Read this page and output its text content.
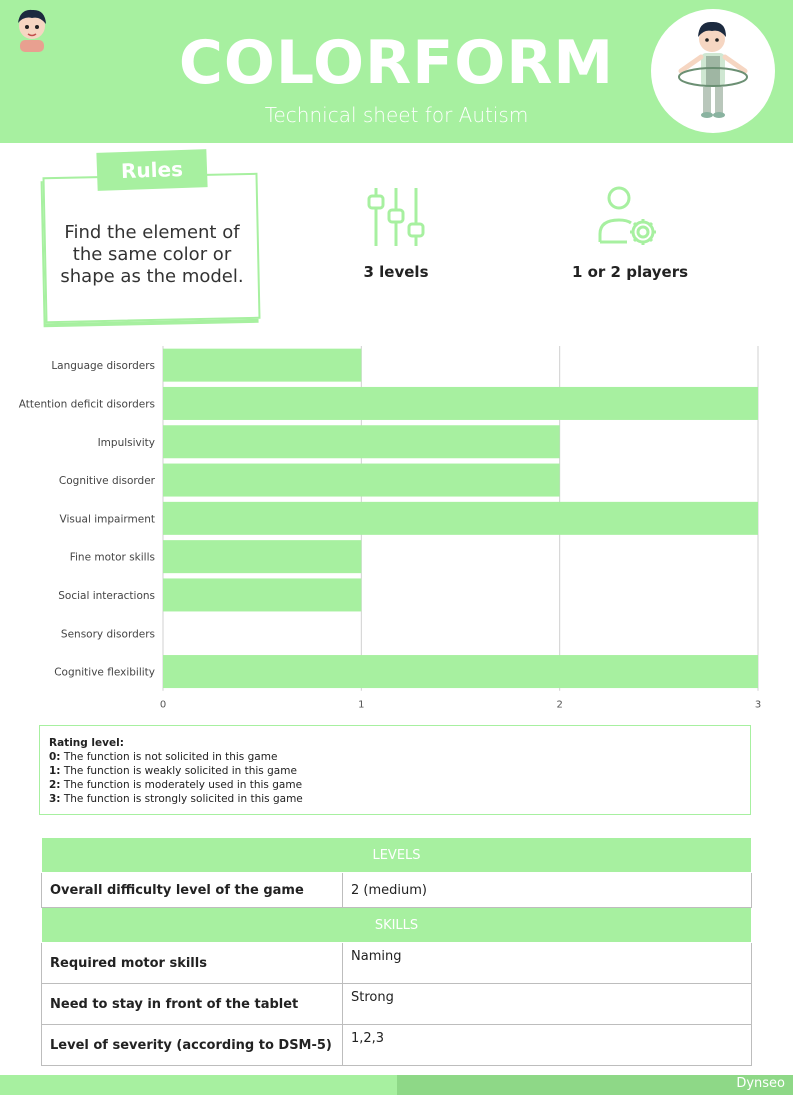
COLORFORM
Technical sheet for Autism
Rules
Find the element of the same color or shape as the model.	3 levels	1 or 2 players
0	1	2	3
Language disorders
Attention deficit disorders
Impulsivity
Cognitive disorder
Visual impairment
Fine motor skills
Social interactions
Sensory disorders
Cognitive flexibility
Rating level:
0: The function is not solicited in this game
1: The function is weakly solicited in this game
2: The function is moderately used in this game
3: The function is strongly solicited in this game
LEVELS	
Overall difficulty level of the game	2 (medium)
SKILLS	
Required motor skills	Naming
Need to stay in front of the tablet	Strong
Level of severity (according to DSM-5)	1,2,3
Dynseo
